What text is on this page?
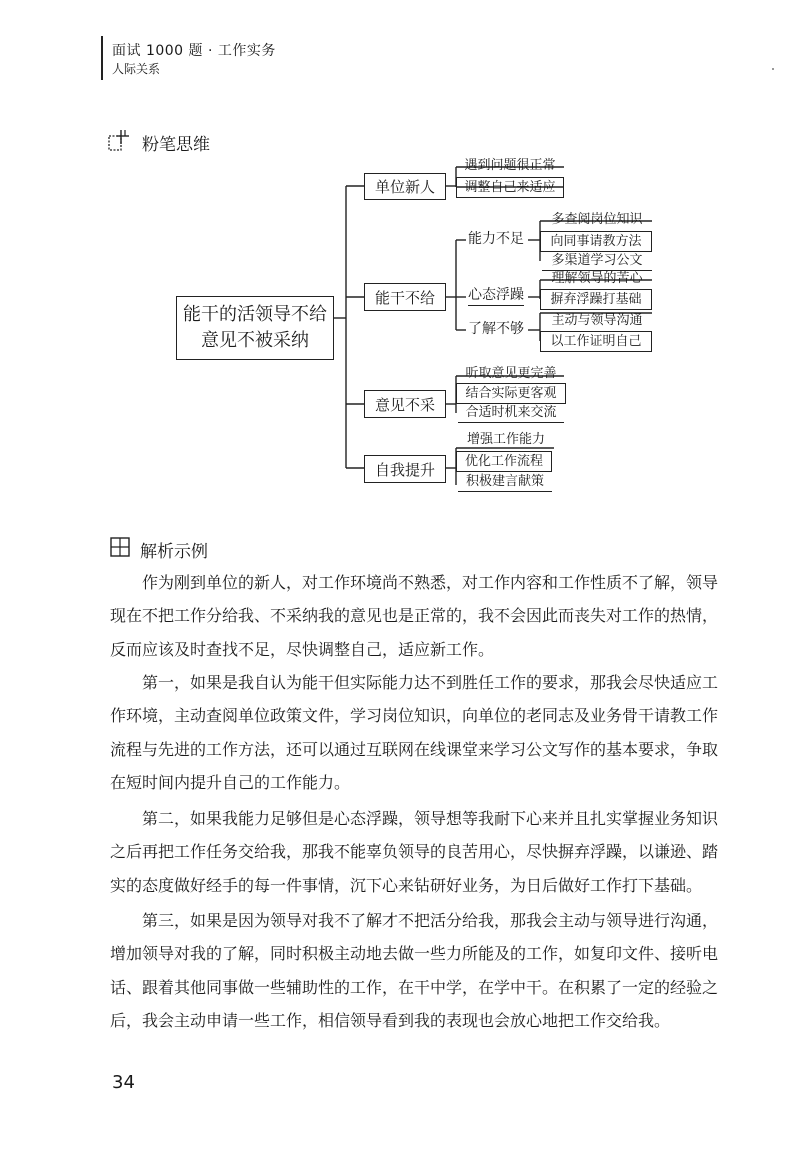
面试 1000 题 · 工作实务
人际关系
粉笔思维
能干的活领导不给
意见不被采纳
单位新人
遇到问题很正常
调整自己来适应
能干不给
能力不足
多查阅岗位知识
向同事请教方法
多渠道学习公文
心态浮躁
理解领导的苦心
摒弃浮躁打基础
了解不够
主动与领导沟通
以工作证明自己
意见不采
听取意见更完善
结合实际更客观
合适时机来交流
自我提升
增强工作能力
优化工作流程
积极建言献策
解析示例
作为刚到单位的新人，对工作环境尚不熟悉，对工作内容和工作性质不了解，领导现在不把工作分给我、不采纳我的意见也是正常的，我不会因此而丧失对工作的热情，反而应该及时查找不足，尽快调整自己，适应新工作。
第一，如果是我自认为能干但实际能力达不到胜任工作的要求，那我会尽快适应工作环境，主动查阅单位政策文件，学习岗位知识，向单位的老同志及业务骨干请教工作流程与先进的工作方法，还可以通过互联网在线课堂来学习公文写作的基本要求，争取在短时间内提升自己的工作能力。
第二，如果我能力足够但是心态浮躁，领导想等我耐下心来并且扎实掌握业务知识之后再把工作任务交给我，那我不能辜负领导的良苦用心，尽快摒弃浮躁，以谦逊、踏实的态度做好经手的每一件事情，沉下心来钻研好业务，为日后做好工作打下基础。
第三，如果是因为领导对我不了解才不把活分给我，那我会主动与领导进行沟通，增加领导对我的了解，同时积极主动地去做一些力所能及的工作，如复印文件、接听电话、跟着其他同事做一些辅助性的工作，在干中学，在学中干。在积累了一定的经验之后，我会主动申请一些工作，相信领导看到我的表现也会放心地把工作交给我。
34
